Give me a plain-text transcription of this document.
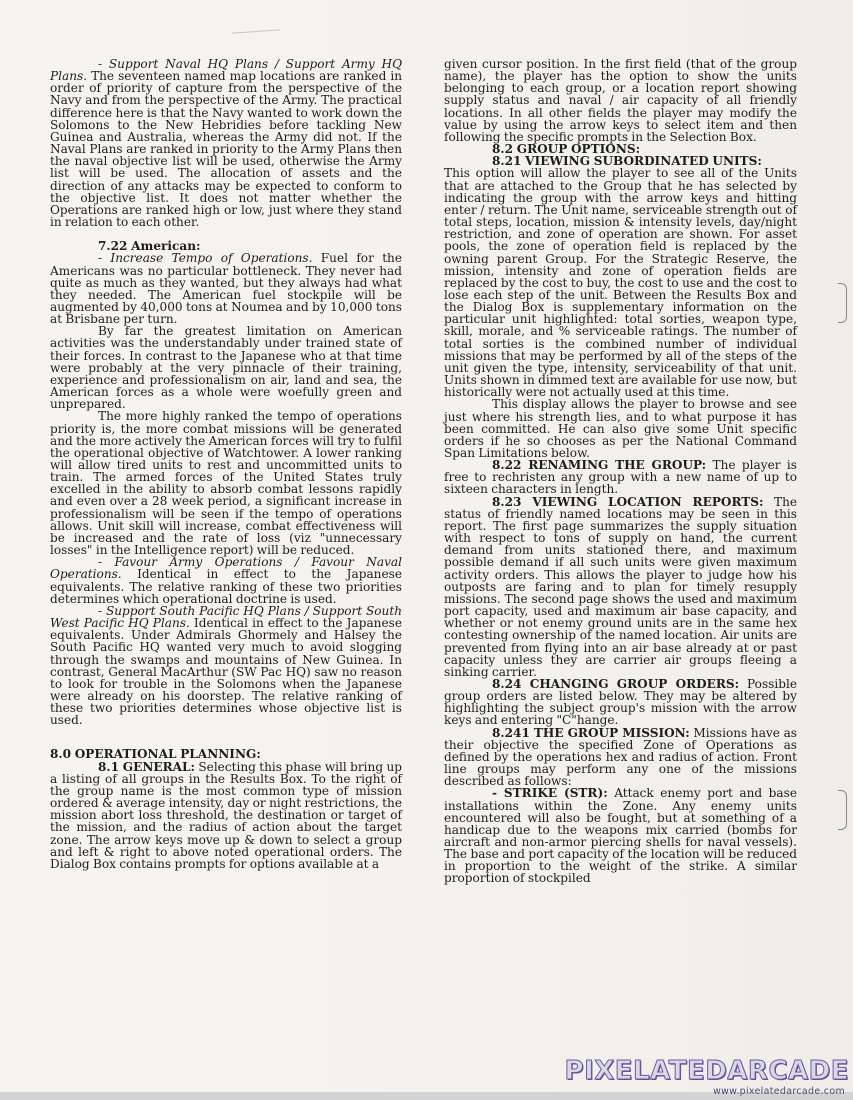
- Support Naval HQ Plans / Support Army HQ Plans. The seventeen named map locations are ranked in order of priority of capture from the perspective of the Navy and from the perspective of the Army. The practical difference here is that the Navy wanted to work down the Solomons to the New Hebridies before tackling New Guinea and Australia, whereas the Army did not. If the Naval Plans are ranked in priority to the Army Plans then the naval objective list will be used, otherwise the Army list will be used. The allocation of assets and the direction of any attacks may be expected to conform to the objective list. It does not matter whether the Operations are ranked high or low, just where they stand in relation to each other.

7.22 American:

- Increase Tempo of Operations. Fuel for the Americans was no particular bottleneck. They never had quite as much as they wanted, but they always had what they needed. The American fuel stockpile will be augmented by 40,000 tons at Noumea and by 10,000 tons at Brisbane per turn.

By far the greatest limitation on American activities was the understandably under trained state of their forces. In contrast to the Japanese who at that time were probably at the very pinnacle of their training, experience and professionalism on air, land and sea, the American forces as a whole were woefully green and unprepared.

The more highly ranked the tempo of operations priority is, the more combat missions will be generated and the more actively the American forces will try to fulfil the operational objective of Watchtower. A lower ranking will allow tired units to rest and uncommitted units to train. The armed forces of the United States truly excelled in the ability to absorb combat lessons rapidly and even over a 28 week period, a significant increase in professionalism will be seen if the tempo of operations allows. Unit skill will increase, combat effectiveness will be increased and the rate of loss (viz "unnecessary losses" in the Intelligence report) will be reduced.

- Favour Army Operations / Favour Naval Operations. Identical in effect to the Japanese equivalents. The relative ranking of these two priorities determines which operational doctrine is used.

- Support South Pacific HQ Plans / Support South West Pacific HQ Plans. Identical in effect to the Japanese equivalents. Under Admirals Ghormely and Halsey the South Pacific HQ wanted very much to avoid slogging through the swamps and mountains of New Guinea. In contrast, General MacArthur (SW Pac HQ) saw no reason to look for trouble in the Solomons when the Japanese were already on his doorstep. The relative ranking of these two priorities determines whose objective list is used.

8.0 OPERATIONAL PLANNING:

8.1 GENERAL: Selecting this phase will bring up a listing of all groups in the Results Box. To the right of the group name is the most common type of mission ordered & average intensity, day or night restrictions, the mission abort loss threshold, the destination or target of the mission, and the radius of action about the target zone. The arrow keys move up & down to select a group and left & right to above noted operational orders. The Dialog Box contains prompts for options available at a

given cursor position. In the first field (that of the group name), the player has the option to show the units belonging to each group, or a location report showing supply status and naval / air capacity of all friendly locations. In all other fields the player may modify the value by using the arrow keys to select item and then following the specific prompts in the Selection Box.

8.2 GROUP OPTIONS:

8.21 VIEWING SUBORDINATED UNITS:

This option will allow the player to see all of the Units that are attached to the Group that he has selected by indicating the group with the arrow keys and hitting enter / return. The Unit name, serviceable strength out of total steps, location, mission & intensity levels, day/night restriction, and zone of operation are shown. For asset pools, the zone of operation field is replaced by the owning parent Group. For the Strategic Reserve, the mission, intensity and zone of operation fields are replaced by the cost to buy, the cost to use and the cost to lose each step of the unit. Between the Results Box and the Dialog Box is supplementary information on the particular unit highlighted: total sorties, weapon type, skill, morale, and % serviceable ratings. The number of total sorties is the combined number of individual missions that may be performed by all of the steps of the unit given the type, intensity, serviceability of that unit. Units shown in dimmed text are available for use now, but historically were not actually used at this time.

This display allows the player to browse and see just where his strength lies, and to what purpose it has been committed. He can also give some Unit specific orders if he so chooses as per the National Command Span Limitations below.

8.22 RENAMING THE GROUP: The player is free to rechristen any group with a new name of up to sixteen characters in length.

8.23 VIEWING LOCATION REPORTS: The status of friendly named locations may be seen in this report. The first page summarizes the supply situation with respect to tons of supply on hand, the current demand from units stationed there, and maximum possible demand if all such units were given maximum activity orders. This allows the player to judge how his outposts are faring and to plan for timely resupply missions. The second page shows the used and maximum port capacity, used and maximum air base capacity, and whether or not enemy ground units are in the same hex contesting ownership of the named location. Air units are prevented from flying into an air base already at or past capacity unless they are carrier air groups fleeing a sinking carrier.

8.24 CHANGING GROUP ORDERS: Possible group orders are listed below. They may be altered by highlighting the subject group's mission with the arrow keys and entering "C"hange.

8.241 THE GROUP MISSION: Missions have as their objective the specified Zone of Operations as defined by the operations hex and radius of action. Front line groups may perform any one of the missions described as follows:

- STRIKE (STR): Attack enemy port and base installations within the Zone. Any enemy units encountered will also be fought, but at something of a handicap due to the weapons mix carried (bombs for aircraft and non-armor piercing shells for naval vessels). The base and port capacity of the location will be reduced in proportion to the weight of the strike. A similar proportion of stockpiled

PIXELATEDARCADE
www.pixelatedarcade.com
